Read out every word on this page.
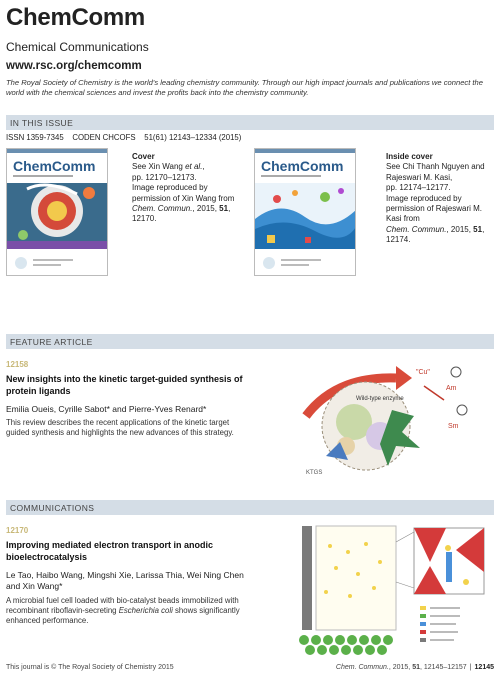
ChemComm
Chemical Communications
www.rsc.org/chemcomm
The Royal Society of Chemistry is the world's leading chemistry community. Through our high impact journals and publications we connect the world with the chemical sciences and invest the profits back into the chemistry community.
IN THIS ISSUE
ISSN 1359-7345 CODEN CHCOFS 51(61) 12143–12334 (2015)
ChemComm
Cover
See Xin Wang et al.,
pp. 12170–12173.
Image reproduced by permission of Xin Wang from
Chem. Commun., 2015, 51, 12170.
ChemComm
Inside cover
See Chi Thanh Nguyen and Rajeswari M. Kasi,
pp. 12174–12177.
Image reproduced by permission of Rajeswari M. Kasi from
Chem. Commun., 2015, 51, 12174.
FEATURE ARTICLE
12158
New insights into the kinetic target-guided synthesis of protein ligands
Emilia Oueis, Cyrille Sabot* and Pierre-Yves Renard*
This review describes the recent applications of the kinetic target guided synthesis and highlights the new advances of this strategy.
Wild-type enzyme
"Cu"
Am
Sm
KTGS
COMMUNICATIONS
12170
Improving mediated electron transport in anodic bioelectrocatalysis
Le Tao, Haibo Wang, Mingshi Xie, Larissa Thia, Wei Ning Chen and Xin Wang*
A microbial fuel cell loaded with bio-catalyst beads immobilized with recombinant riboflavin-secreting Escherichia coli shows significantly enhanced performance.
This journal is © The Royal Society of Chemistry 2015	Chem. Commun., 2015, 51, 12145–12157 | 12145
